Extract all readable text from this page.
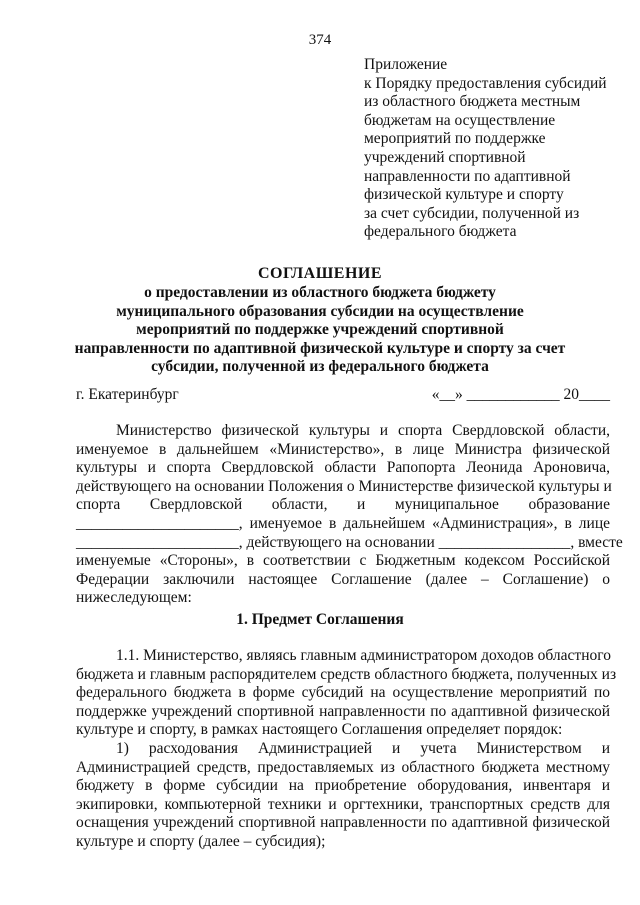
374
Приложение
к Порядку предоставления субсидий
из областного бюджета местным
бюджетам на осуществление
мероприятий по поддержке
учреждений спортивной
направленности по адаптивной
физической культуре и спорту
за счет субсидии, полученной из
федерального бюджета
СОГЛАШЕНИЕ
о предоставлении из областного бюджета бюджету
муниципального образования субсидии на осуществление
мероприятий по поддержке учреждений спортивной
направленности по адаптивной физической культуре и спорту за счет
субсидии, полученной из федерального бюджета
г. Екатеринбург	«__» ____________ 20____
Министерство физической культуры и спорта Свердловской области,
именуемое в дальнейшем «Министерство», в лице Министра физической
культуры и спорта Свердловской области Рапопорта Леонида Ароновича,
действующего на основании Положения о Министерстве физической культуры и
спорта Свердловской области, и муниципальное образование
_____________________, именуемое в дальнейшем «Администрация», в лице
_____________________, действующего на основании _________________, вместе
именуемые «Стороны», в соответствии с Бюджетным кодексом Российской
Федерации заключили настоящее Соглашение (далее – Соглашение) о
нижеследующем:
1. Предмет Соглашения
1.1. Министерство, являясь главным администратором доходов областного
бюджета и главным распорядителем средств областного бюджета, полученных из
федерального бюджета в форме субсидий на осуществление мероприятий по
поддержке учреждений спортивной направленности по адаптивной физической
культуре и спорту, в рамках настоящего Соглашения определяет порядок:
1) расходования Администрацией и учета Министерством и
Администрацией средств, предоставляемых из областного бюджета местному
бюджету в форме субсидии на приобретение оборудования, инвентаря и
экипировки, компьютерной техники и оргтехники, транспортных средств для
оснащения учреждений спортивной направленности по адаптивной физической
культуре и спорту (далее – субсидия);
